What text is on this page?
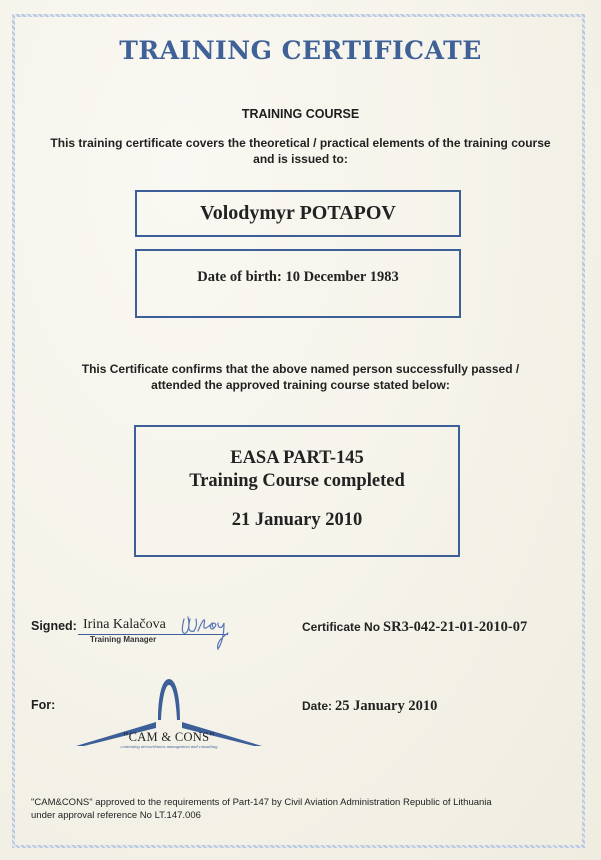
TRAINING CERTIFICATE
TRAINING COURSE
This training certificate covers the theoretical / practical elements of the training course
and is issued to:
Volodymyr POTAPOV
Date of birth: 10 December 1983
This Certificate confirms that the above named person successfully passed /
attended the approved training course stated below:
EASA PART-145
Training Course completed
21 January 2010
Signed: Irina Kalačova
Training Manager
Certificate No SR3-042-21-01-2010-07
For:
"CAM & CONS"
continuing airworthiness management and consulting
Date: 25 January 2010
"CAM&CONS" approved to the requirements of Part-147 by Civil Aviation Administration Republic of Lithuania
under approval reference No LT.147.006
